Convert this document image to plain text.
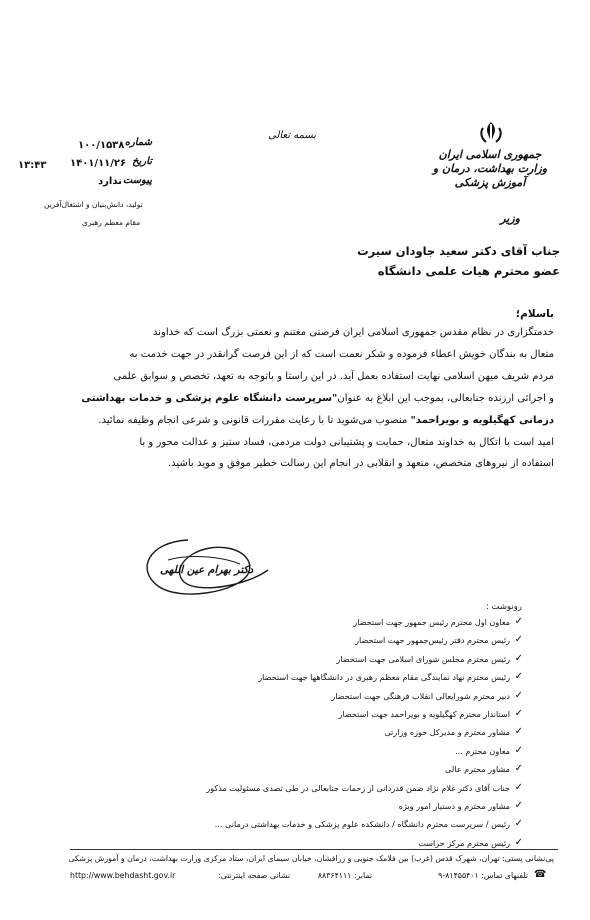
جمهوری اسلامی ایران
وزارت بهداشت، درمان و آموزش پزشکی
وزیر
بسمه تعالی
شماره
۱۰۰/۱۵۳۸
تاریخ
۱۴۰۱/۱۱/۲۶
پیوست
ندارد
۱۳:۴۳
تولید، دانش‌بنیان و اشتغال‌آفرین
مقام معظم رهبری
جناب آقای دکتر سعید جاودان سیرت
عضو محترم هیات علمی دانشگاه
باسلام؛
خدمتگزاری در نظام مقدس جمهوری اسلامی ایران فرصتی مغتنم و نعمتی بزرگ است که خداوند
متعال به بندگان خویش اعطاء فرموده و شکر نعمت است که از این فرصت گرانقدر در جهت خدمت به
مردم شریف میهن اسلامی نهایت استفاده بعمل آید. در این راستا و باتوجه به تعهد، تخصص و سوابق علمی
و اجرائی ارزنده جنابعالی، بموجب این ابلاغ به عنوان"سرپرست دانشگاه علوم پزشکی و خدمات بهداشتی
درمانی کهگیلویه و بویراحمد" منصوب می‌شوید تا با رعایت مقررات قانونی و شرعی انجام وظیفه نمائید.
امید است با اتکال به خداوند متعال، حمایت و پشتیبانی دولت مردمی، فساد ستیز و عدالت محور و با
استفاده از نیروهای متخصص، متعهد و انقلابی در انجام این رسالت خطیر موفق و موید باشید.
دکتر بهرام عین اللهی
رونوشت :
✓
معاون اول محترم رئیس جمهور جهت استحضار
✓
رئیس محترم دفتر رئیس‌جمهور جهت استحضار
✓
رئیس محترم مجلس شورای اسلامی جهت استحضار
✓
رئیس محترم نهاد نمایندگی مقام معظم رهبری در دانشگاهها جهت استحضار
✓
دبیر محترم شورایعالی انقلاب فرهنگی جهت استحضار
✓
استاندار محترم کهگیلویه و بویراحمد جهت استحضار
✓
مشاور محترم و مدیرکل حوزه وزارتی
✓
معاون محترم ...
✓
مشاور محترم عالی
✓
جناب آقای دکتر غلام نژاد ضمن قدردانی از زحمات جنابعالی در طی تصدی مسئولیت مذکور
✓
مشاور محترم و دستیار امور ویژه
✓
رئیس / سرپرست محترم دانشگاه / دانشکده علوم پزشکی و خدمات بهداشتی درمانی ...
✓
رئیس محترم مرکز حراست
پی‌نشانی پستی: تهران، شهرک قدس (غرب) بین فلامک جنوبی و زرافشان، خیابان سیمای ایران، ستاد مرکزی وزارت بهداشت، درمان و آموزش پزشکی
☎
تلفنهای تماس: ۸۱۴۵۵۴۰۱-۹
نمابر: ۸۸۳۶۴۱۱۱
نشانی صفحه اینترنتی:
http://www.behdasht.gov.ir
